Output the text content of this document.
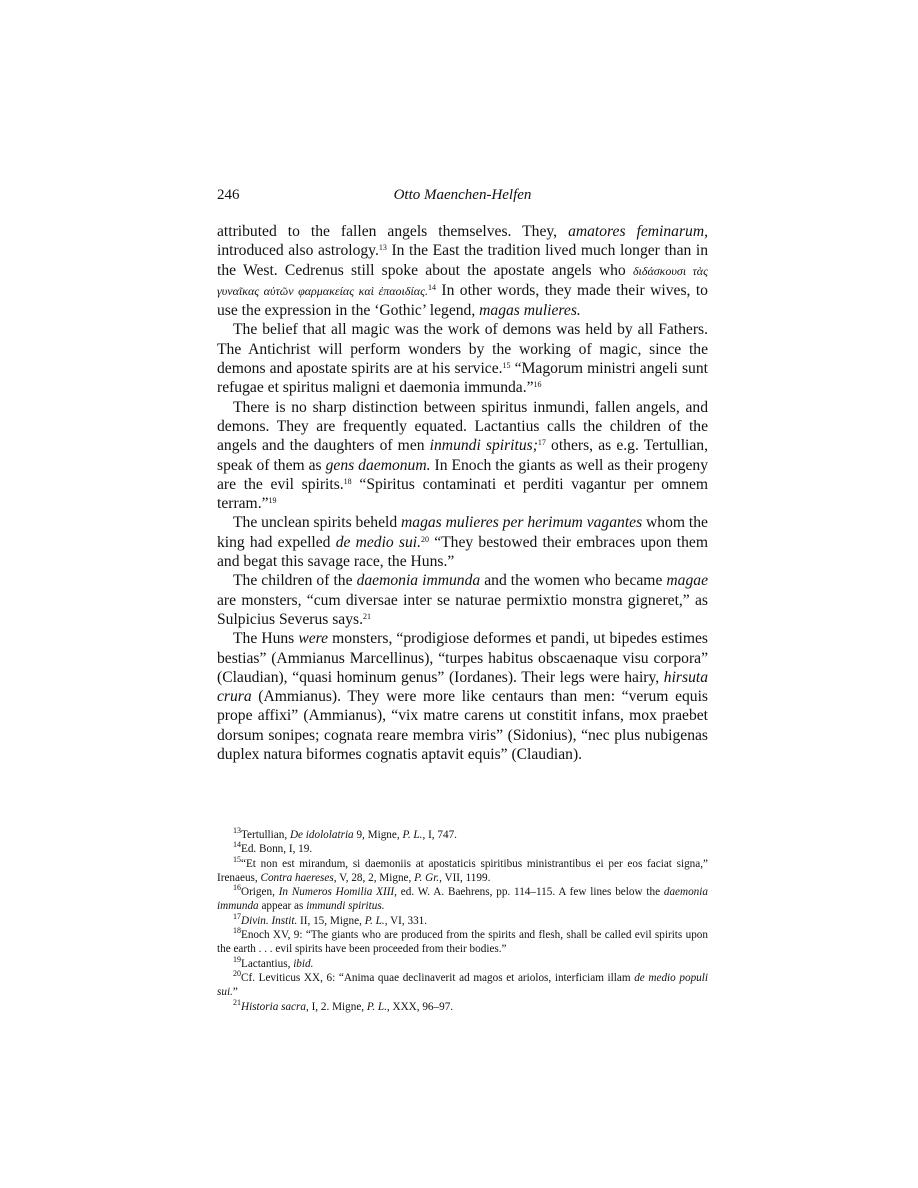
246	Otto Maenchen-Helfen

attributed to the fallen angels themselves. They, amatores feminarum, introduced also astrology.$^{13}$ In the East the tradition lived much longer than in the West. Cedrenus still spoke about the apostate angels who διδάσκουσι τὰς γυναῖκας αὐτῶν φαρμακείας καὶ ἐπαοιδίας.$^{14}$ In other words, they made their wives, to use the expression in the ‘Gothic’ legend, magas mulieres.

The belief that all magic was the work of demons was held by all Fathers. The Antichrist will perform wonders by the working of magic, since the demons and apostate spirits are at his service.$^{15}$ “Magorum ministri angeli sunt refugae et spiritus maligni et daemonia immunda.”$^{16}$

There is no sharp distinction between spiritus inmundi, fallen angels, and demons. They are frequently equated. Lactantius calls the children of the angels and the daughters of men inmundi spiritus;$^{17}$ others, as e.g. Tertullian, speak of them as gens daemonum. In Enoch the giants as well as their progeny are the evil spirits.$^{18}$ “Spiritus contaminati et perditi vagantur per omnem terram.”$^{19}$

The unclean spirits beheld magas mulieres per herimum vagantes whom the king had expelled de medio sui.$^{20}$ “They bestowed their embraces upon them and begat this savage race, the Huns.”

The children of the daemonia immunda and the women who became magae are monsters, “cum diversae inter se naturae permixtio monstra gigneret,” as Sulpicius Severus says.$^{21}$

The Huns were monsters, “prodigiose deformes et pandi, ut bipedes estimes bestias” (Ammianus Marcellinus), “turpes habitus obscaenaque visu corpora” (Claudian), “quasi hominum genus” (Iordanes). Their legs were hairy, hirsuta crura (Ammianus). They were more like centaurs than men: “verum equis prope affixi” (Ammianus), “vix matre carens ut constitit infans, mox praebet dorsum sonipes; cognata reare membra viris” (Sidonius), “nec plus nubigenas duplex natura biformes cognatis aptavit equis” (Claudian).

$^{13}$Tertullian, De idololatria 9, Migne, P. L., I, 747.

$^{14}$Ed. Bonn, I, 19.

$^{15}$“Et non est mirandum, si daemoniis at apostaticis spiritibus ministrantibus ei per eos faciat signa,” Irenaeus, Contra haereses, V, 28, 2, Migne, P. Gr., VII, 1199.

$^{16}$Origen, In Numeros Homilia XIII, ed. W. A. Baehrens, pp. 114–115. A few lines below the daemonia immunda appear as immundi spiritus.

$^{17}$Divin. Instit. II, 15, Migne, P. L., VI, 331.

$^{18}$Enoch XV, 9: “The giants who are produced from the spirits and flesh, shall be called evil spirits upon the earth . . . evil spirits have been proceeded from their bodies.”

$^{19}$Lactantius, ibid.

$^{20}$Cf. Leviticus XX, 6: “Anima quae declinaverit ad magos et ariolos, interficiam illam de medio populi sui.”

$^{21}$Historia sacra, I, 2. Migne, P. L., XXX, 96–97.
